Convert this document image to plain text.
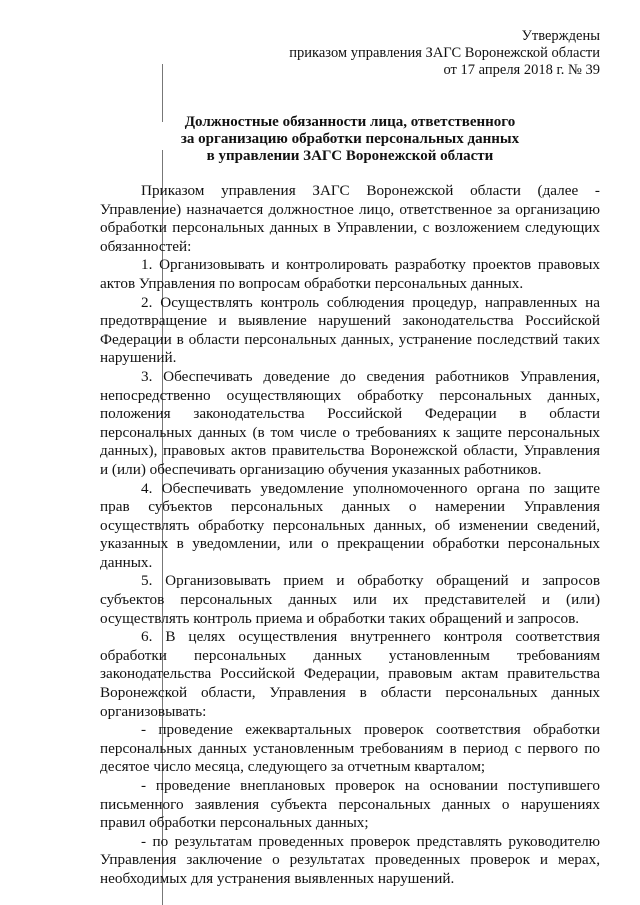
Утверждены
приказом управления ЗАГС Воронежской области
от 17 апреля 2018 г. № 39
Должностные обязанности лица, ответственного
за организацию обработки персональных данных
в управлении ЗАГС Воронежской области

Приказом управления ЗАГС Воронежской области (далее - Управление) назначается должностное лицо, ответственное за организацию обработки персональных данных в Управлении, с возложением следующих обязанностей:

1. Организовывать и контролировать разработку проектов правовых актов Управления по вопросам обработки персональных данных.

2. Осуществлять контроль соблюдения процедур, направленных на предотвращение и выявление нарушений законодательства Российской Федерации в области персональных данных, устранение последствий таких нарушений.

3. Обеспечивать доведение до сведения работников Управления, непосредственно осуществляющих обработку персональных данных, положения законодательства Российской Федерации в области персональных данных (в том числе о требованиях к защите персональных данных), правовых актов правительства Воронежской области, Управления и (или) обеспечивать организацию обучения указанных работников.

4. Обеспечивать уведомление уполномоченного органа по защите прав субъектов персональных данных о намерении Управления осуществлять обработку персональных данных, об изменении сведений, указанных в уведомлении, или о прекращении обработки персональных данных.

5. Организовывать прием и обработку обращений и запросов субъектов персональных данных или их представителей и (или) осуществлять контроль приема и обработки таких обращений и запросов.

6. В целях осуществления внутреннего контроля соответствия обработки персональных данных установленным требованиям законодательства Российской Федерации, правовым актам правительства Воронежской области, Управления в области персональных данных организовывать:

- проведение ежеквартальных проверок соответствия обработки персональных данных установленным требованиям в период с первого по десятое число месяца, следующего за отчетным кварталом;

- проведение внеплановых проверок на основании поступившего письменного заявления субъекта персональных данных о нарушениях правил обработки персональных данных;

- по результатам проведенных проверок представлять руководителю Управления заключение о результатах проведенных проверок и мерах, необходимых для устранения выявленных нарушений.
